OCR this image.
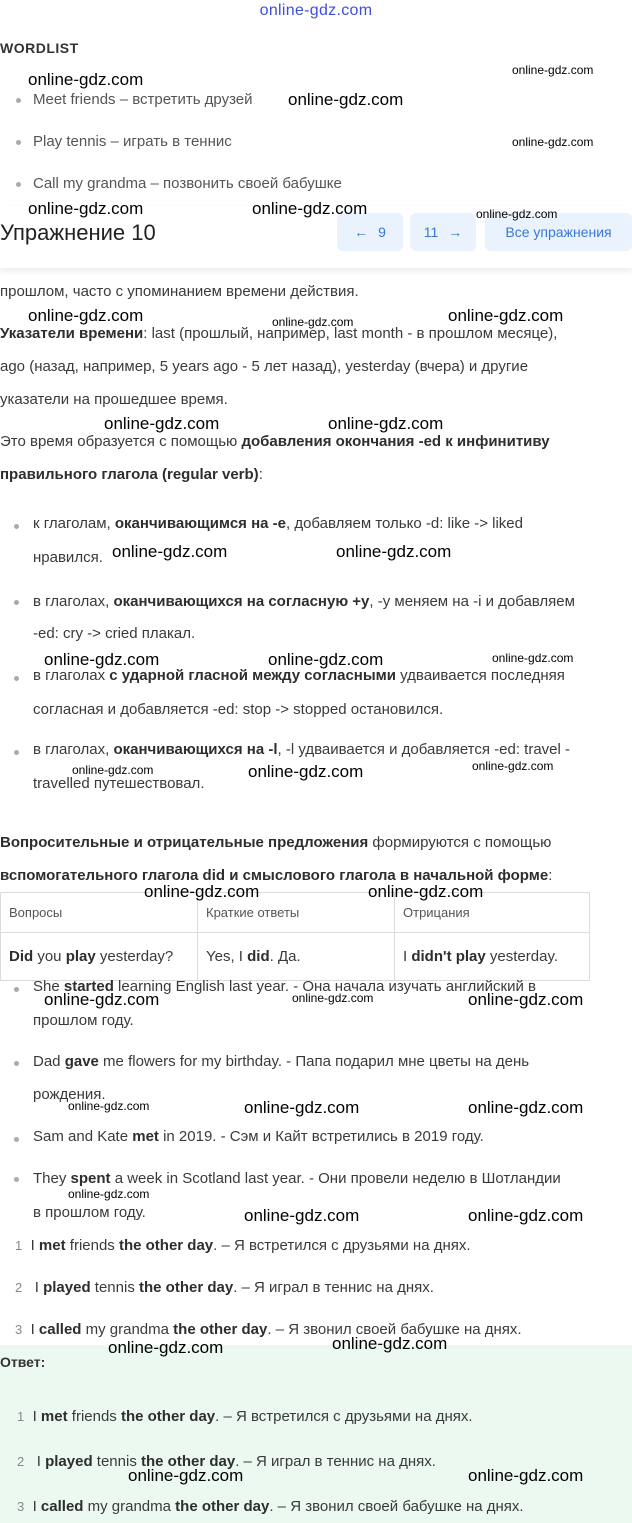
online-gdz.com
WORDLIST
Meet friends – встретить друзей
Play tennis – играть в теннис
Call my grandma – позвонить своей бабушке
Упражнение 10	← 9	11 →	Все упражнения
прошлом, часто с упоминанием времени действия.
Указатели времени: last (прошлый, например, last month - в прошлом месяце),
ago (назад, например, 5 years ago - 5 лет назад), yesterday (вчера) и другие
указатели на прошедшее время.
Это время образуется с помощью добавления окончания -ed к инфинитиву
правильного глагола (regular verb):
к глаголам, оканчивающимся на -e, добавляем только -d: like -> liked
нравился.
в глаголах, оканчивающихся на согласную +y, -y меняем на -i и добавляем
-ed: cry -> cried плакал.
в глаголах с ударной гласной между согласными удваивается последняя
согласная и добавляется -ed: stop -> stopped остановился.
в глаголах, оканчивающихся на -l, -l удваивается и добавляется -ed: travel -
travelled путешествовал.
Вопросительные и отрицательные предложения формируются с помощью
вспомогательного глагола did и смыслового глагола в начальной форме:
Вопросы	Краткие ответы	Отрицания
Did you play yesterday?	Yes, I did. Да.	I didn't play yesterday.
She started learning English last year. - Она начала изучать английский в
прошлом году.
Dad gave me flowers for my birthday. - Папа подарил мне цветы на день
рождения.
Sam and Kate met in 2019. - Сэм и Кайт встретились в 2019 году.
They spent a week in Scotland last year. - Они провели неделю в Шотландии
в прошлом году.
1 I met friends the other day. – Я встретился с друзьями на днях.
2 I played tennis the other day. – Я играл в теннис на днях.
3 I called my grandma the other day. – Я звонил своей бабушке на днях.
Ответ:
1 I met friends the other day. – Я встретился с друзьями на днях.
2 I played tennis the other day. – Я играл в теннис на днях.
3 I called my grandma the other day. – Я звонил своей бабушке на днях.
online-gdz.com	online-gdz.com
online-gdz.com
online-gdz.com
online-gdz.com	online-gdz.com	online-gdz.com
online-gdz.com	online-gdz.com	online-gdz.com
online-gdz.com	online-gdz.com
online-gdz.com	online-gdz.com
online-gdz.com	online-gdz.com	online-gdz.com
online-gdz.com	online-gdz.com	online-gdz.com
online-gdz.com	online-gdz.com
online-gdz.com	online-gdz.com	online-gdz.com
online-gdz.com	online-gdz.com	online-gdz.com
online-gdz.com
online-gdz.com	online-gdz.com
online-gdz.com	online-gdz.com
online-gdz.com	online-gdz.com
